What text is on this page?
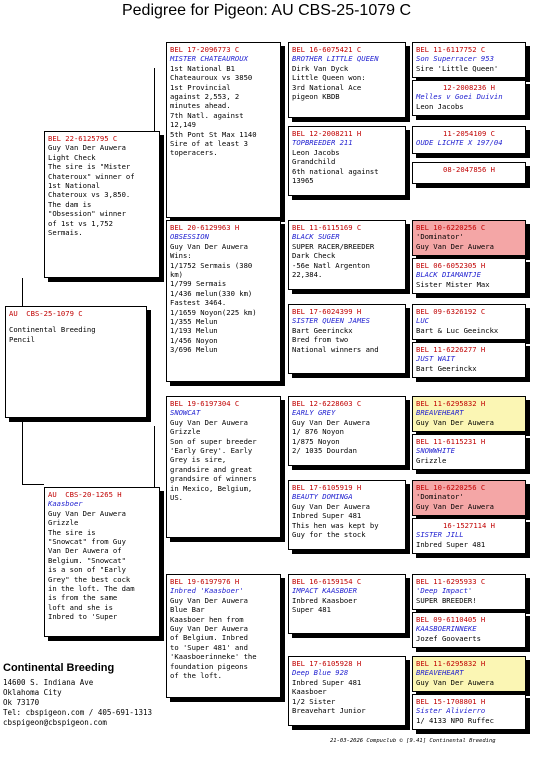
Pedigree for Pigeon: AU CBS-25-1079 C
AU  CBS-25-1079 C
Continental Breeding
Pencil
BEL 22-6125795 C
Guy Van Der Auwera
Light Check
The sire is "Mister
Chateroux" winner of
1st National
Chateroux vs 3,850.
The dam is
"Obsession" winner
of 1st vs 1,752
Sermais.
AU  CBS-20-1265 H
Kaasboer
Guy Van Der Auwera
Grizzle
The sire is
"Snowcat" from Guy
Van Der Auwera of
Belgium. "Snowcat"
is a son of "Early
Grey" the best cock
in the loft. The dam
is from the same
loft and she is
Inbred to 'Super
BEL 17-2096773 C
MISTER CHATEAUROUX
1st National B1
Chateauroux vs 3850
1st Provincial
against 2,553, 2
minutes ahead.
7th Natl. against
12,149
5th Pont St Max 1140
Sire of at least 3
toperacers.
BEL 20-6129963 H
OBSESSION
Guy Van Der Auwera
Wins:
1/1752 Sermais (380
km)
1/799 Sermais
1/436 melun(330 km)
Fastest 3464.
1/1659 Noyon(225 km)
1/355 Melun
1/193 Melun
1/456 Noyon
3/696 Melun
BEL 19-6197304 C
SNOWCAT
Guy Van Der Auwera
Grizzle
Son of super breeder
'Early Grey'. Early
Grey is sire,
grandsire and great
grandsire of winners
in Mexico, Belgium,
US.
BEL 19-6197976 H
Inbred 'Kaasboer'
Guy Van Der Auwera
Blue Bar
Kaasboer hen from
Guy Van Der Auwera
of Belgium. Inbred
to 'Super 481' and
'Kaasboerinneke' the
foundation pigeons
of the loft.
BEL 16-6075421 C
BROTHER LITTLE QUEEN
Dirk Van Dyck
Little Queen won:
3rd National Ace
pigeon KBDB
BEL 12-2008211 H
TOPBREEDER 211
Leon Jacobs
Grandchild
6th national against
13965
BEL 11-6115169 C
BLACK SUGER
SUPER RACER/BREEDER
Dark Check
-56e Natl Argenton
22,384.
BEL 17-6024399 H
SISTER QUEEN JAMES
Bart Geerinckx
Bred from two
National winners and
BEL 12-6228603 C
EARLY GREY
Guy Van Der Auwera
1/ 876 Noyon
1/875 Noyon
2/ 1035 Dourdan
BEL 17-6105919 H
BEAUTY DOMINGA
Guy Van Der Auwera
Inbred Super 481
This hen was kept by
Guy for the stock
BEL 16-6159154 C
IMPACT KAASBOER
Inbred Kaasboer
Super 481
BEL 17-6105928 H
Deep Blue 928
Inbred Super 481
Kaasboer
1/2 Sister
Breavehart Junior
BEL 11-6117752 C
Son Superracer 953
Sire 'Little Queen'
12-2008236 H
Melles v Goei Duivin
Leon Jacobs
11-2054109 C
OUDE LICHTE X 197/04
08-2047856 H
BEL 10-6220256 C
'Dominator'
Guy Van Der Auwera
BEL 06-6052305 H
BLACK DIAMANTJE
Sister Mister Max
BEL 09-6326192 C
LUC
Bart & Luc Geeinckx
BEL 11-6226277 H
JUST WAIT
Bart Geerinckx
BEL 11-6295832 H
BREAVEHEART
Guy Van Der Auwera
BEL 11-6115231 H
SNOWWHITE
Grizzle
BEL 10-6220256 C
'Dominator'
Guy Van Der Auwera
16-1527114 H
SISTER JILL
Inbred Super 481
BEL 11-6295933 C
'Deep Impact'
SUPER BREEDER!
BEL 09-6110405 H
KAASBOERINNEKE
Jozef Goovaerts
BEL 11-6295832 H
BREAVEHEART
Guy Van Der Auwera
BEL 15-1708801 H
Sister Alivierro
1/ 4133 NPO Ruffec
Continental Breeding
14600 S. Indiana Ave
Oklahoma City
Ok 73170
Tel: cbspigeon.com / 405-691-1313
cbspigeon@cbspigeon.com
21-03-2026 Compuclub © [9.41] Continental Breeding
